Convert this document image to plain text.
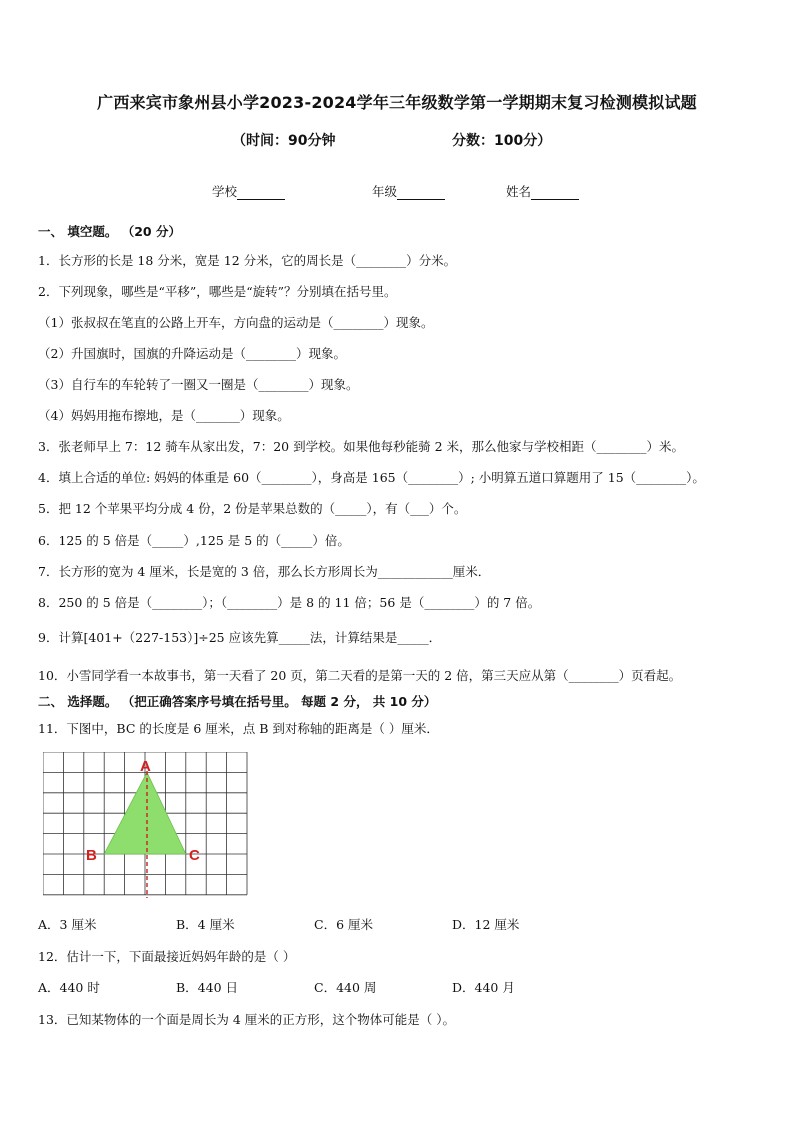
广西来宾市象州县小学2023-2024学年三年级数学第一学期期末复习检测模拟试题
（时间：90分钟	分数：100分）
学校	年级	姓名
一、 填空题。 （20 分）
1．长方形的长是 18 分米，宽是 12 分米，它的周长是（________）分米。
2．下列现象，哪些是“平移”，哪些是“旋转”？分别填在括号里。
（1）张叔叔在笔直的公路上开车，方向盘的运动是（________）现象。
（2）升国旗时，国旗的升降运动是（________）现象。
（3）自行车的车轮转了一圈又一圈是（________）现象。
（4）妈妈用拖布擦地，是（_______）现象。
3．张老师早上 7：12 骑车从家出发，7：20 到学校。如果他每秒能骑 2 米，那么他家与学校相距（________）米。
4．填上合适的单位: 妈妈的体重是 60（________），身高是 165（________）; 小明算五道口算题用了 15（________）。
5．把 12 个苹果平均分成 4 份，2 份是苹果总数的（_____），有（___）个。
6．125 的 5 倍是（_____）,125 是 5 的（_____）倍。
7．长方形的宽为 4 厘米，长是宽的 3 倍，那么长方形周长为____________厘米．
8．250 的 5 倍是（________）；（________）是 8 的 11 倍；56 是（________）的 7 倍。
9．计算[401+（227-153）]÷25 应该先算_____法，计算结果是_____．
10．小雪同学看一本故事书，第一天看了 20 页，第二天看的是第一天的 2 倍，第三天应从第（________）页看起。
二、 选择题。 （把正确答案序号填在括号里。 每题 2 分， 共 10 分）
11．下图中，BC 的长度是 6 厘米，点 B 到对称轴的距离是（ ）厘米．
A
B	C
A．3 厘米	B．4 厘米	C．6 厘米	D．12 厘米
12．估计一下，下面最接近妈妈年龄的是（ ）
A．440 时	B．440 日	C．440 周	D．440 月
13．已知某物体的一个面是周长为 4 厘米的正方形，这个物体可能是（ ）。
